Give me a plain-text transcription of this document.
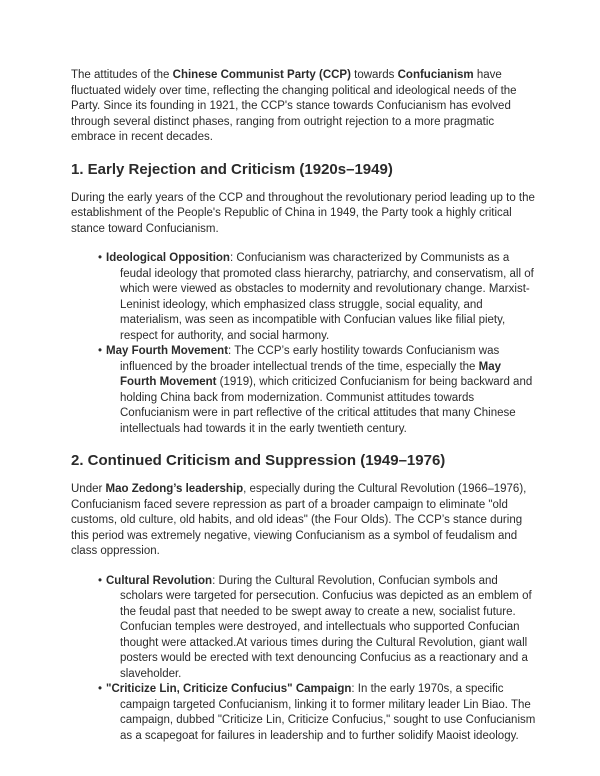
The attitudes of the Chinese Communist Party (CCP) towards Confucianism have fluctuated widely over time, reflecting the changing political and ideological needs of the Party. Since its founding in 1921, the CCP's stance towards Confucianism has evolved through several distinct phases, ranging from outright rejection to a more pragmatic embrace in recent decades.

1. Early Rejection and Criticism (1920s–1949)

During the early years of the CCP and throughout the revolutionary period leading up to the establishment of the People's Republic of China in 1949, the Party took a highly critical stance toward Confucianism.

• Ideological Opposition: Confucianism was characterized by Communists as a
feudal ideology that promoted class hierarchy, patriarchy, and conservatism, all of which were viewed as obstacles to modernity and revolutionary change. Marxist-Leninist ideology, which emphasized class struggle, social equality, and materialism, was seen as incompatible with Confucian values like filial piety, respect for authority, and social harmony.
• May Fourth Movement: The CCP’s early hostility towards Confucianism was
influenced by the broader intellectual trends of the time, especially the May Fourth Movement (1919), which criticized Confucianism for being backward and holding China back from modernization. Communist attitudes towards Confucianism were in part reflective of the critical attitudes that many Chinese intellectuals had towards it in the early twentieth century.
2. Continued Criticism and Suppression (1949–1976)

Under Mao Zedong’s leadership, especially during the Cultural Revolution (1966–1976), Confucianism faced severe repression as part of a broader campaign to eliminate "old customs, old culture, old habits, and old ideas" (the Four Olds). The CCP’s stance during this period was extremely negative, viewing Confucianism as a symbol of feudalism and class oppression.

• Cultural Revolution: During the Cultural Revolution, Confucian symbols and
scholars were targeted for persecution. Confucius was depicted as an emblem of the feudal past that needed to be swept away to create a new, socialist future. Confucian temples were destroyed, and intellectuals who supported Confucian thought were attacked.At various times during the Cultural Revolution, giant wall posters would be erected with text denouncing Confucius as a reactionary and a slaveholder.
• "Criticize Lin, Criticize Confucius" Campaign: In the early 1970s, a specific
campaign targeted Confucianism, linking it to former military leader Lin Biao. The campaign, dubbed "Criticize Lin, Criticize Confucius," sought to use Confucianism as a scapegoat for failures in leadership and to further solidify Maoist ideology.
